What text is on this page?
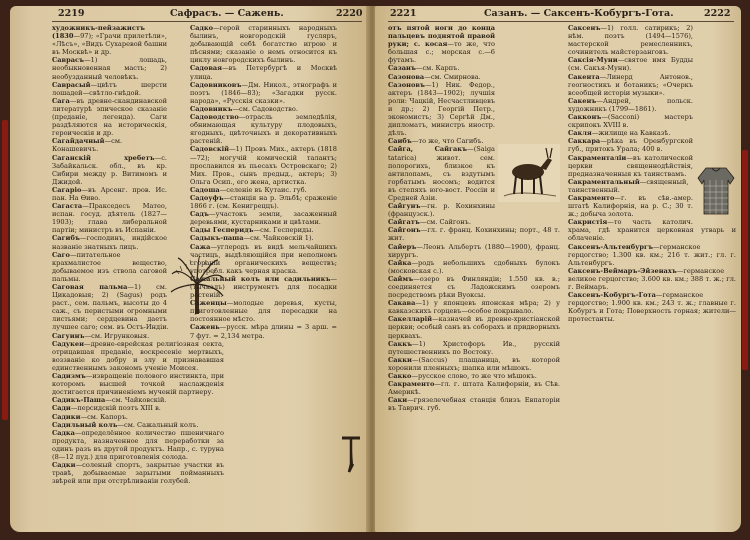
2219	Сафрасъ. — Сажень.	2220

художникъ-пейзажистъ (1830—97); «Грачи прилетѣли», «Лѣсъ», «Видъ Сухаревой башни въ Москвѣ» и др.

Саврасъ—1) лошадь, необыкновенная масть; 2) необузданный человѣкъ.

Саврасый—цвѣтъ шерсти лошадей—свѣтло-гнѣдой.

Сага—въ древне-скандинавской литературѣ эпическое сказаніе (преданіе, легенда). Саги раздѣляются на историческія, героическія и др.

Сагайдачный—см. Конашевичъ.

Саганскій хребетъ—с. Забайкальск. обл., въ кр. Сибири между р. Витимомъ и Джидой.

Сагаріо—въ Арсенг. пров. Ис. пан. На Ѳиво.

Сагастa—Пракседесъ Матео, испан. госуд. дѣятель (1827—1903); глава либеральной партіи; министръ въ Испаніи.

Сагибъ—господинъ, индійское названіе знатныхъ лицъ.

Саго—питательное крахмалистое вещество, добываемое изъ ствола саговой пальмы.

Саговая пальма—1) см. Цикадовыя; 2) (Sagus) родъ раст., сем. пальмъ, высоты до 4 саж., съ перистыми огромными листьями; сердцевина даетъ лучшее саго; сем. въ Остъ-Индіи.

Сагуинъ—см. Игрунковыя.

Садукеи—древне-еврейская религіозная секта, отрицавшая преданіе, воскресеніе мертвыхъ, воззванiе ко добру и злу и признававшая единственнымъ закономъ ученіе Моисея.

Садизмъ—извращеніе полового инстинкта, при которомъ высшей точкой наслажденія достигается причиненіемъ мученій партнеру.

Садикъ-Паша—см. Чайковскій.

Сади—персидскій поэтъ XIII в.

Садики—см. Капоръ.

Садильный колъ—см. Сажальный колъ.

Садка—определённое количество пшеничнаго продукта, назначенное для переработки за одинъ разъ въ другой продуктъ. Напр., с. туруна (8—12 пуд.) для приготовленія солода.

Садки—соленый спортъ, закрытые участки въ травѣ, добываемые зарытыми пойманныхъ звѣрей или при отстрѣливаніи голубей.

Садко—герой старинныхъ народныхъ былинъ, новгородскій гусляръ, добывающій себѣ богатство игрою и пѣснями; сказаніе о немъ относится къ циклу новгородскихъ былинъ.

Садовая—въ Петербургѣ и Москвѣ улица.

Садовниковъ—Дм. Никол., этнографъ и поэтъ (1846—83); «Загадки русск. народа», «Русскія сказки».

Садовникъ—см. Садоводство.

Садоводство—отрасль земледѣлія, обнимающая культуру плодовыхъ, ягодныхъ, цвѣточныхъ и декоративныхъ растеній.

Садовскій—1) Провъ Мих., актеръ (1818—72); могучій комическій талантъ; прославился въ пьесахъ Островскаго; 2) Мих. Пров., сынъ предыд., актеръ; 3) Ольга Осип., его жена, артистка.

Садоша—селенiе въ Кутаис. губ.

Садоуфъ—станція на р. Эльбѣ; сраженіе 1866 г. (см. Кенигреццъ).

Садъ—участокъ земли, засаженный деревьями, кустарниками и цвѣтами.

Сады Гесперидъ—см. Геспериды.

Садыкъ-паша—см. Чайковскій 1).

Сажа—углеродъ въ видѣ мельчайшихъ частицъ, выдѣляющійся при неполномъ сгораніи органическихъ веществъ; употребл. какъ черная краска.

Сажальный колъ или садильникъ—(тычкалъ) инструментъ для посадки растеній.

Саженцы—молодые деревья, кусты, приготовленные для пересадки на постоянное мѣсто.

Сажень—русск. мѣра длины = 3 арш. = 7 фут. = 2,134 метра.

2221	Сазанъ. — Саксенъ-Кобургъ-Гота.	2222

отъ пятой ноги до конца пальцевъ поднятой правой руки; с. косая—то же, что большая с.; морская с.—6 футамъ.

Сазанъ—см. Карпъ.

Сазонова—см. Смирнова.

Сазоновъ—1) Ник. Федор., актеръ (1843—1902); лучшія роли: Чацкій, Несчастливцевъ и др.; 2) Георгій Петр., экономистъ; 3) Сергѣй Дм., дипломатъ, министръ иностр. дѣлъ.

Саибъ—то же, что Сагибъ.

Сайга, Сайгакъ—(Saiga tatarica) живот. сем. полорогихъ, близкое къ антилопамъ, съ вздутымъ горбатымъ носомъ; водится въ степяхъ юго-вост. Россіи и Средней Азіи.

Сайгунъ—гн. р. Кохинхины (французск.).

Сайгатъ—см. Сайгонъ.

Сайгонъ—гл. г. франц. Кохинхины; порт., 48 т. жит.

Сайеръ—Леонъ Альбертъ (1880—1900), франц. хирургъ.

Сайка—родъ небольшихъ сдобныхъ булокъ (московская с.).

Саймъ—озеро въ Финляндіи; 1.550 кв. в.; соединяется съ Ладожскимъ озеромъ посредствомъ рѣки Вуоксы.

Сакава—1) у японцевъ японская мѣра; 2) у кавказскихъ горцевъ—особое покрывало.

Сакелларій—казначей въ древне-христіанской церкви; особый санъ въ соборахъ и придворныхъ церквахъ.

Саккъ—1) Христофоръ Ив., русскій путешественникъ по Востоку.

Сакки—(Saccus) плащаница, въ которой хоронили пленныхъ; шапка или мѣшокъ.

Сакко—русское слово, то же что мѣшокъ.

Сакраменто—гл. г. штата Калифорніи, въ Сѣв. Америкѣ.

Саки—грязелечебная станція близъ Евпаторіи въ Таврич. губ.

Саксенъ—1) голл. сатирикъ; 2) нѣм. поэтъ (1494—1576), мастерской ремесленникъ, сочинитель майстерзанговъ.

Саксія-Муни—святое имя Будды (см. Сакъя-Муни).

Сакента—Линерд Антонов., геогностикъ и ботаникъ; «Очеркъ всеобщей исторіи музыки».

Сакенъ—Андрей, польск. художникъ (1799—1861).

Сакконъ—(Sacconi) мастеръ скрипокъ XVIII в.

Сакля—жилище на Кавказѣ.

Саккара—рѣка въ Оренбургской губ., притокъ Урала; 400 в.

Сакраменталіи—въ католической церкви священнодѣйствія, предназначенныя къ таинствамъ.

Сакраментальный—священный, таинственный.

Сакраменто—г. въ сѣв.-амер. штатѣ Калифорнія, на р. С.; 30 т. ж.; добыча золота.

Сакристія—то часть католич. храма, гдѣ хранится церковная утварь и облаченіе.

Саксенъ-Альтенбургъ—германское герцогство; 1.300 кв. км.; 216 т. жит.; гл. г. Альтенбургъ.

Саксенъ-Веймаръ-Эйзенахъ—германское великое герцогство; 3.600 кв. км.; 388 т. ж.; гл. г. Веймаръ.

Саксенъ-Кобургъ-Гота—германское герцогство; 1.900 кв. км.; 243 т. ж.; главные г. Кобургъ и Гота; Поверхность горная; жители—протестанты.
